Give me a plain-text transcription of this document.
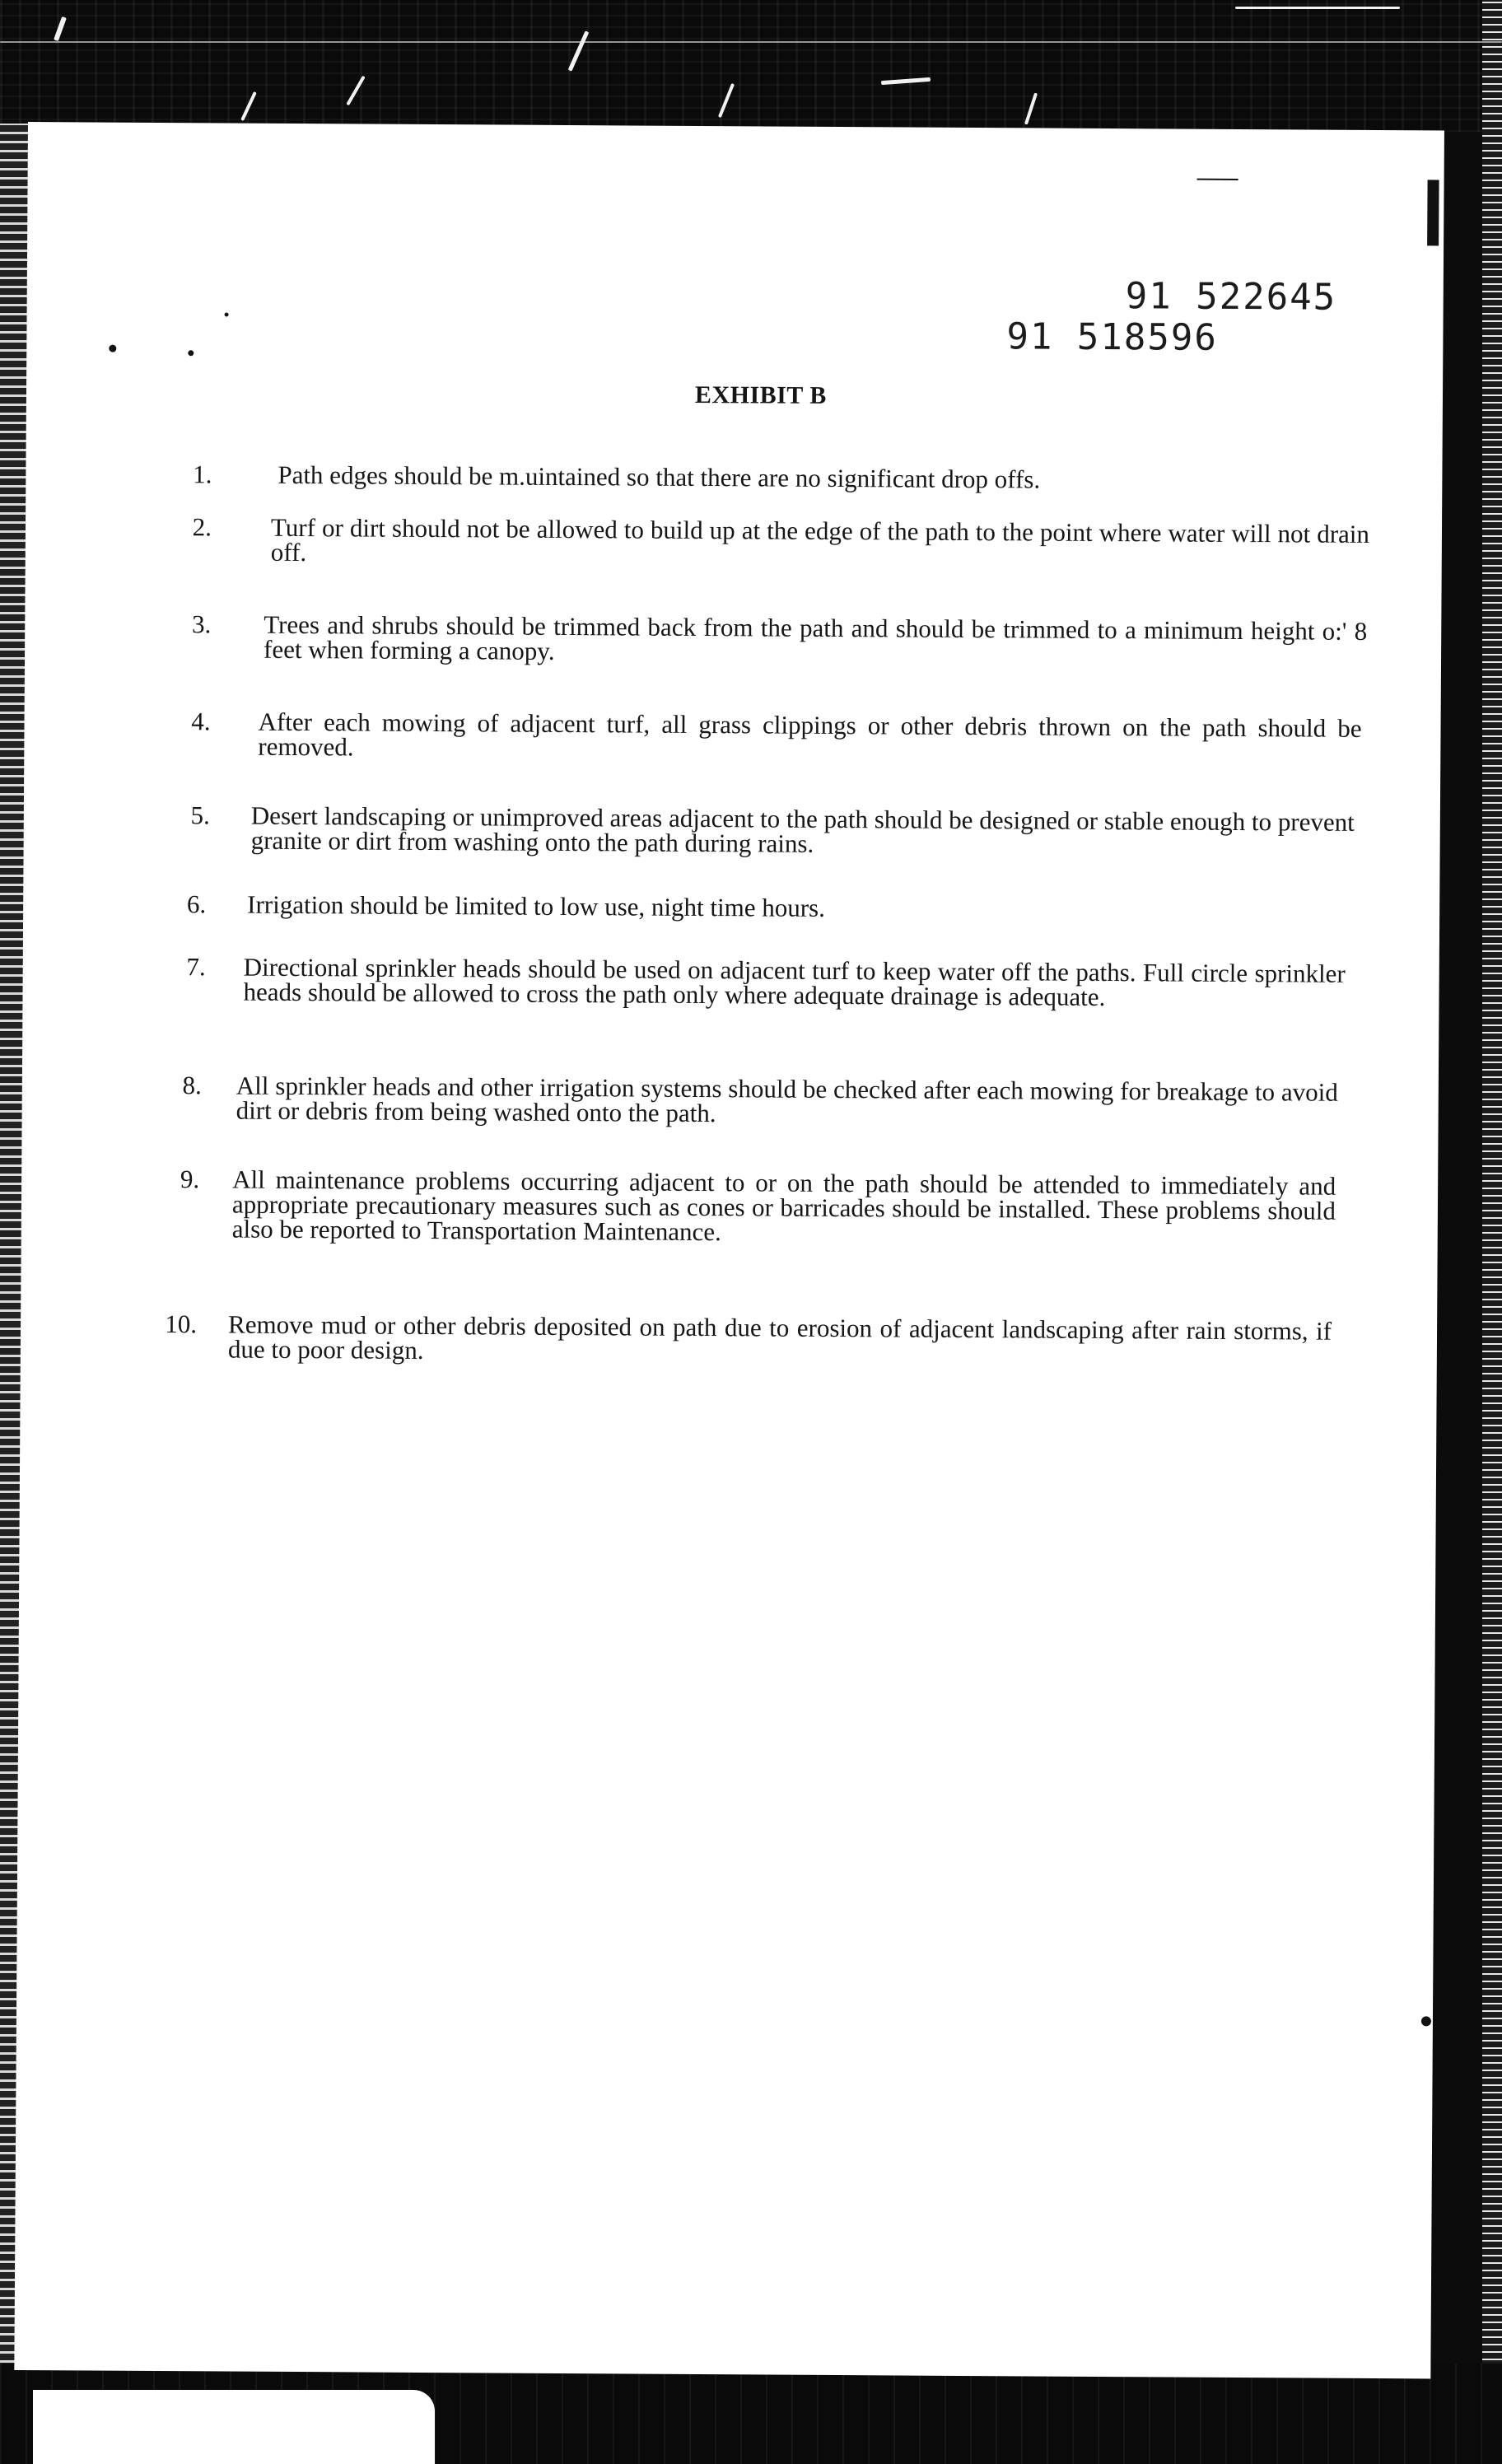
91 522645
91 518596
EXHIBIT B
1.	Path edges should be m.uintained so that there are no significant drop offs.
2. Turf or dirt should not be allowed to build up at the edge of the path to the point where water will not drain off.
3. Trees and shrubs should be trimmed back from the path and should be trimmed to a minimum height o:' 8 feet when forming a canopy.
4. After each mowing of adjacent turf, all grass clippings or other debris thrown on the path should be removed.
5. Desert landscaping or unimproved areas adjacent to the path should be designed or stable enough to prevent granite or dirt from washing onto the path during rains.
6. Irrigation should be limited to low use, night time hours.
7. Directional sprinkler heads should be used on adjacent turf to keep water off the paths. Full circle sprinkler heads should be allowed to cross the path only where adequate drainage is adequate.
8. All sprinkler heads and other irrigation systems should be checked after each mowing for breakage to avoid dirt or debris from being washed onto the path.
9. All maintenance problems occurring adjacent to or on the path should be attended to immediately and appropriate precautionary measures such as cones or barricades should be installed. These problems should also be reported to Transportation Maintenance.
10. Remove mud or other debris deposited on path due to erosion of adjacent landscaping after rain storms, if due to poor design.
